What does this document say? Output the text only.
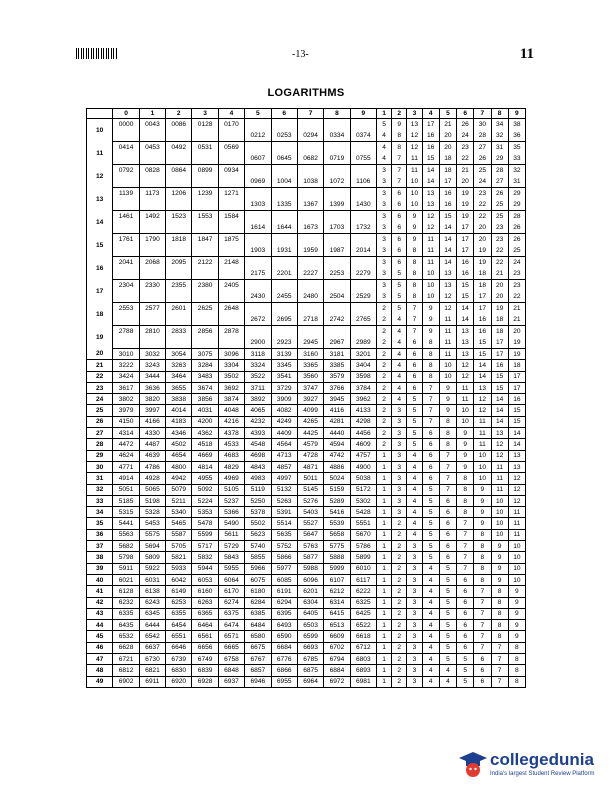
-13-	11
LOGARITHMS
	0	1	2	3	4	5	6	7	8	9	1	2	3	4	5	6	7	8	9
10	0000	0043	0086	0128	0170						5	9	13	17	21	26	30	34	38
						0212	0253	0294	0334	0374	4	8	12	16	20	24	28	32	36
11	0414	0453	0492	0531	0569						4	8	12	16	20	23	27	31	35
						0607	0645	0682	0719	0755	4	7	11	15	18	22	26	29	33
12	0792	0828	0864	0899	0934						3	7	11	14	18	21	25	28	32
						0969	1004	1038	1072	1106	3	7	10	14	17	20	24	27	31
13	1139	1173	1206	1239	1271						3	6	10	13	16	19	23	26	29
						1303	1335	1367	1399	1430	3	6	10	13	16	19	22	25	29
14	1461	1492	1523	1553	1584						3	6	9	12	15	19	22	25	28
						1614	1644	1673	1703	1732	3	6	9	12	14	17	20	23	26
15	1761	1790	1818	1847	1875						3	6	9	11	14	17	20	23	26
						1903	1931	1959	1987	2014	3	6	8	11	14	17	19	22	25
16	2041	2068	2095	2122	2148						3	6	8	11	14	16	19	22	24
						2175	2201	2227	2253	2279	3	5	8	10	13	16	18	21	23
17	2304	2330	2355	2380	2405						3	5	8	10	13	15	18	20	23
						2430	2455	2480	2504	2529	3	5	8	10	12	15	17	20	22
18	2553	2577	2601	2625	2648						2	5	7	9	12	14	17	19	21
						2672	2695	2718	2742	2765	2	4	7	9	11	14	16	18	21
19	2788	2810	2833	2856	2878						2	4	7	9	11	13	16	18	20
						2900	2923	2945	2967	2989	2	4	6	8	11	13	15	17	19
20	3010	3032	3054	3075	3096	3118	3139	3160	3181	3201	2	4	6	8	11	13	15	17	19
21	3222	3243	3263	3284	3304	3324	3345	3365	3385	3404	2	4	6	8	10	12	14	16	18
22	3424	3444	3464	3483	3502	3522	3541	3560	3579	3598	2	4	6	8	10	12	14	15	17
23	3617	3636	3655	3674	3692	3711	3729	3747	3766	3784	2	4	6	7	9	11	13	15	17
24	3802	3820	3838	3856	3874	3892	3909	3927	3945	3962	2	4	5	7	9	11	12	14	16
25	3979	3997	4014	4031	4048	4065	4082	4099	4116	4133	2	3	5	7	9	10	12	14	15
26	4150	4166	4183	4200	4216	4232	4249	4265	4281	4298	2	3	5	7	8	10	11	14	15
27	4314	4330	4346	4362	4378	4393	4409	4425	4440	4456	2	3	5	6	8	9	11	13	14
28	4472	4487	4502	4518	4533	4548	4564	4579	4594	4609	2	3	5	6	8	9	11	12	14
29	4624	4639	4654	4669	4683	4698	4713	4728	4742	4757	1	3	4	6	7	9	10	12	13
30	4771	4786	4800	4814	4829	4843	4857	4871	4886	4900	1	3	4	6	7	9	10	11	13
31	4914	4928	4942	4955	4969	4983	4997	5011	5024	5038	1	3	4	6	7	8	10	11	12
32	5051	5065	5079	5092	5105	5119	5132	5145	5159	5172	1	3	4	5	7	8	9	11	12
33	5185	5198	5211	5224	5237	5250	5263	5276	5289	5302	1	3	4	5	6	8	9	10	12
34	5315	5328	5340	5353	5366	5378	5391	5403	5416	5428	1	3	4	5	6	8	9	10	11
35	5441	5453	5465	5478	5490	5502	5514	5527	5539	5551	1	2	4	5	6	7	9	10	11
36	5563	5575	5587	5599	5611	5623	5635	5647	5658	5670	1	2	4	5	6	7	8	10	11
37	5682	5694	5705	5717	5729	5740	5752	5763	5775	5786	1	2	3	5	6	7	8	9	10
38	5798	5809	5821	5832	5843	5855	5866	5877	5888	5899	1	2	3	5	6	7	8	9	10
39	5911	5922	5933	5944	5955	5966	5977	5988	5999	6010	1	2	3	4	5	7	8	9	10
40	6021	6031	6042	6053	6064	6075	6085	6096	6107	6117	1	2	3	4	5	6	8	9	10
41	6128	6138	6149	6160	6170	6180	6191	6201	6212	6222	1	2	3	4	5	6	7	8	9
42	6232	6243	6253	6263	6274	6284	6294	6304	6314	6325	1	2	3	4	5	6	7	8	9
43	6335	6345	6355	6365	6375	6385	6395	6405	6415	6425	1	2	3	4	5	6	7	8	9
44	6435	6444	6454	6464	6474	6484	6493	6503	6513	6522	1	2	3	4	5	6	7	8	9
45	6532	6542	6551	6561	6571	6580	6590	6599	6609	6618	1	2	3	4	5	6	7	8	9
46	6628	6637	6646	6656	6665	6675	6684	6693	6702	6712	1	2	3	4	5	6	7	7	8
47	6721	6730	6739	6749	6758	6767	6776	6785	6794	6803	1	2	3	4	5	5	6	7	8
48	6812	6821	6830	6839	6848	6857	6866	6875	6884	6893	1	2	3	4	4	5	6	7	8
49	6902	6911	6920	6928	6937	6946	6955	6964	6972	6981	1	2	3	4	4	5	6	7	8
collegedunia
India's largest Student Review Platform
